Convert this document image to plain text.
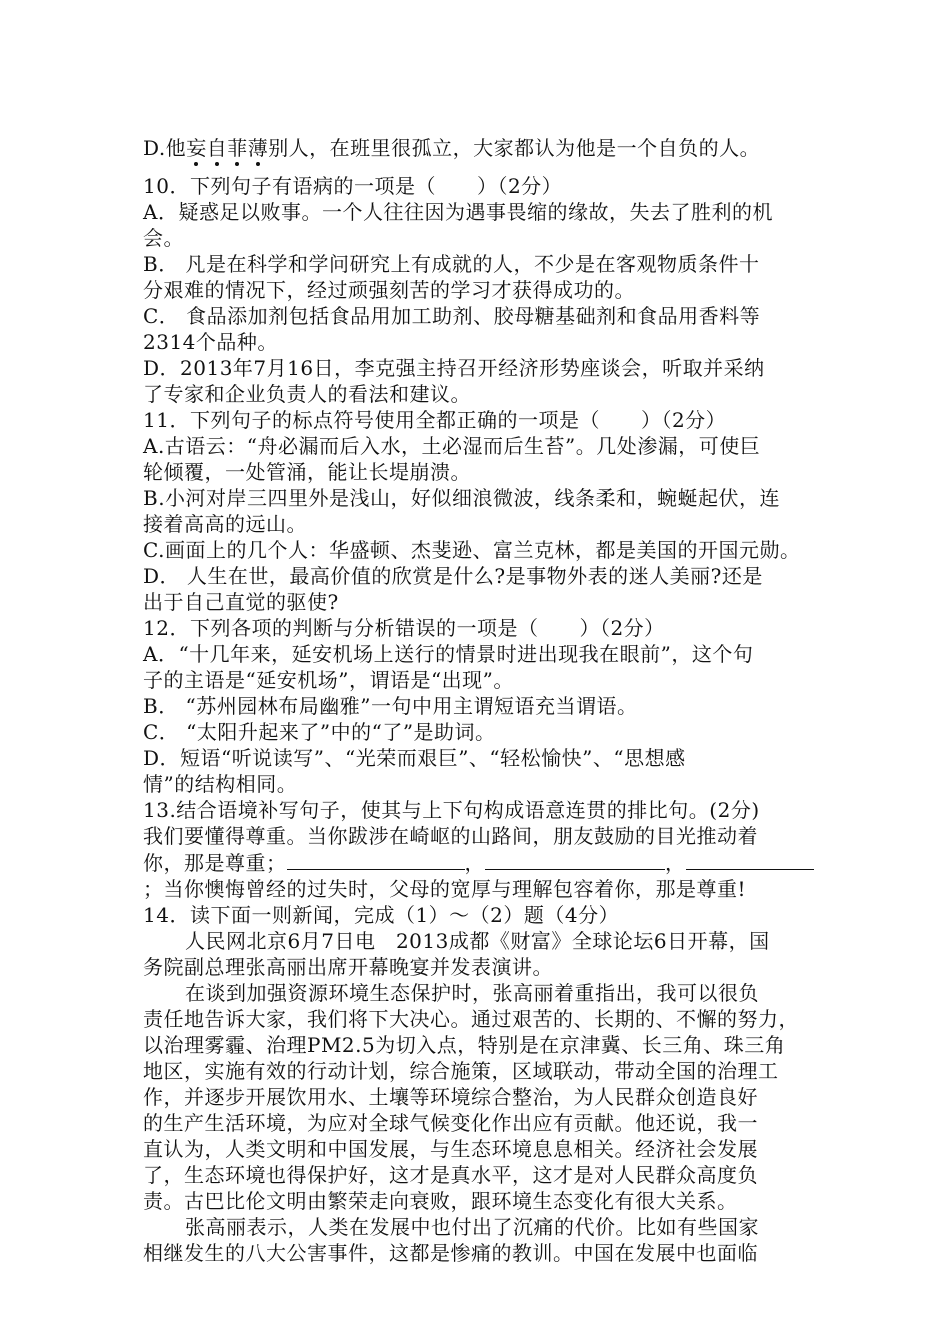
D.他妄自菲薄别人，在班里很孤立，大家都认为他是一个自负的人。
10．下列句子有语病的一项是（　　）（2分）
A．疑惑足以败事。一个人往往因为遇事畏缩的缘故，失去了胜利的机
会。
B． 凡是在科学和学问研究上有成就的人，不少是在客观物质条件十
分艰难的情况下，经过顽强刻苦的学习才获得成功的。
C． 食品添加剂包括食品用加工助剂、胶母糖基础剂和食品用香料等
2314个品种。
D．2013年7月16日，李克强主持召开经济形势座谈会，听取并采纳
了专家和企业负责人的看法和建议。
11．下列句子的标点符号使用全都正确的一项是（　　）（2分）
A.古语云：“舟必漏而后入水，土必湿而后生苔”。几处渗漏，可使巨
轮倾覆，一处管涌，能让长堤崩溃。
B.小河对岸三四里外是浅山，好似细浪微波，线条柔和，蜿蜒起伏，连
接着高高的远山。
C.画面上的几个人：华盛顿、杰斐逊、富兰克林，都是美国的开国元勋。
D． 人生在世，最高价值的欣赏是什么?是事物外表的迷人美丽?还是
出于自己直觉的驱使?
12．下列各项的判断与分析错误的一项是（　　）（2分）
A．“十几年来，延安机场上送行的情景时进出现我在眼前”，这个句
子的主语是“延安机场”，谓语是“出现”。
B． “苏州园林布局幽雅”一句中用主谓短语充当谓语。
C． “太阳升起来了”中的“了”是助词。
D．短语“听说读写”、“光荣而艰巨”、“轻松愉快”、“思想感
情”的结构相同。
13.结合语境补写句子，使其与上下句构成语意连贯的排比句。(2分)
我们要懂得尊重。当你跋涉在崎岖的山路间，朋友鼓励的目光推动着
你，那是尊重；	，	，
；当你懊悔曾经的过失时，父母的宽厚与理解包容着你，那是尊重!
14．读下面一则新闻，完成（1）～（2）题（4分）
人民网北京6月7日电　2013成都《财富》全球论坛6日开幕，国
务院副总理张高丽出席开幕晚宴并发表演讲。
在谈到加强资源环境生态保护时，张高丽着重指出，我可以很负
责任地告诉大家，我们将下大决心。通过艰苦的、长期的、不懈的努力，
以治理雾霾、治理PM2.5为切入点，特别是在京津冀、长三角、珠三角
地区，实施有效的行动计划，综合施策，区域联动，带动全国的治理工
作，并逐步开展饮用水、土壤等环境综合整治，为人民群众创造良好
的生产生活环境，为应对全球气候变化作出应有贡献。他还说，我一
直认为，人类文明和中国发展，与生态环境息息相关。经济社会发展
了，生态环境也得保护好，这才是真水平，这才是对人民群众高度负
责。古巴比伦文明由繁荣走向衰败，跟环境生态变化有很大关系。
张高丽表示，人类在发展中也付出了沉痛的代价。比如有些国家
相继发生的八大公害事件，这都是惨痛的教训。中国在发展中也面临
